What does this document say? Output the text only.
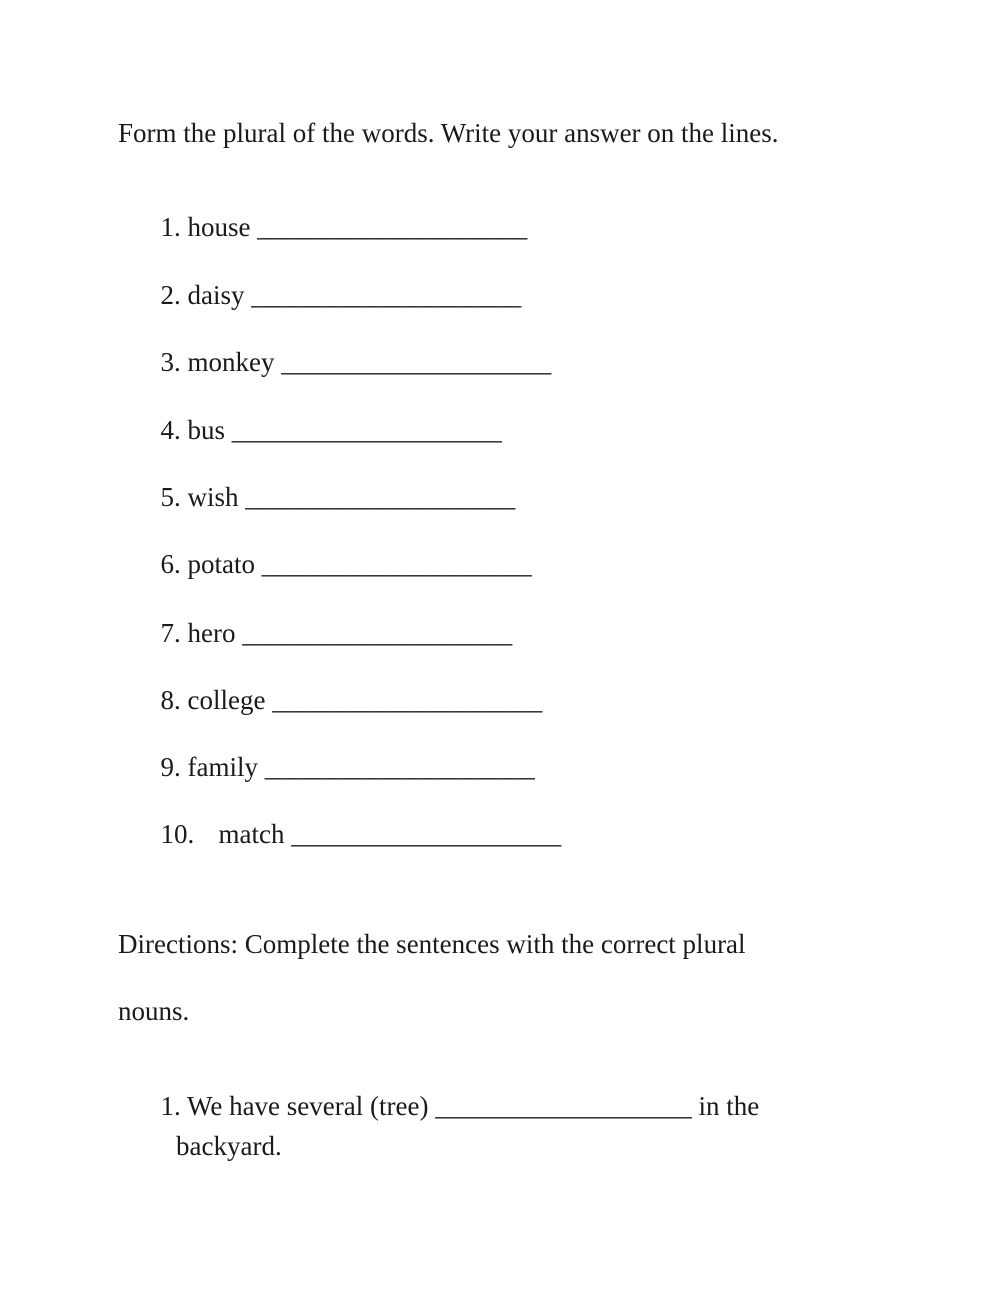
Form the plural of the words. Write your answer on the lines.

1. house ____________________

2. daisy ____________________

3. monkey ____________________

4. bus ____________________

5. wish ____________________

6. potato ____________________

7. hero ____________________

8. college ____________________

9. family ____________________

10. match ____________________

Directions: Complete the sentences with the correct plural
nouns.

1. We have several (tree) ___________________ in the

backyard.
